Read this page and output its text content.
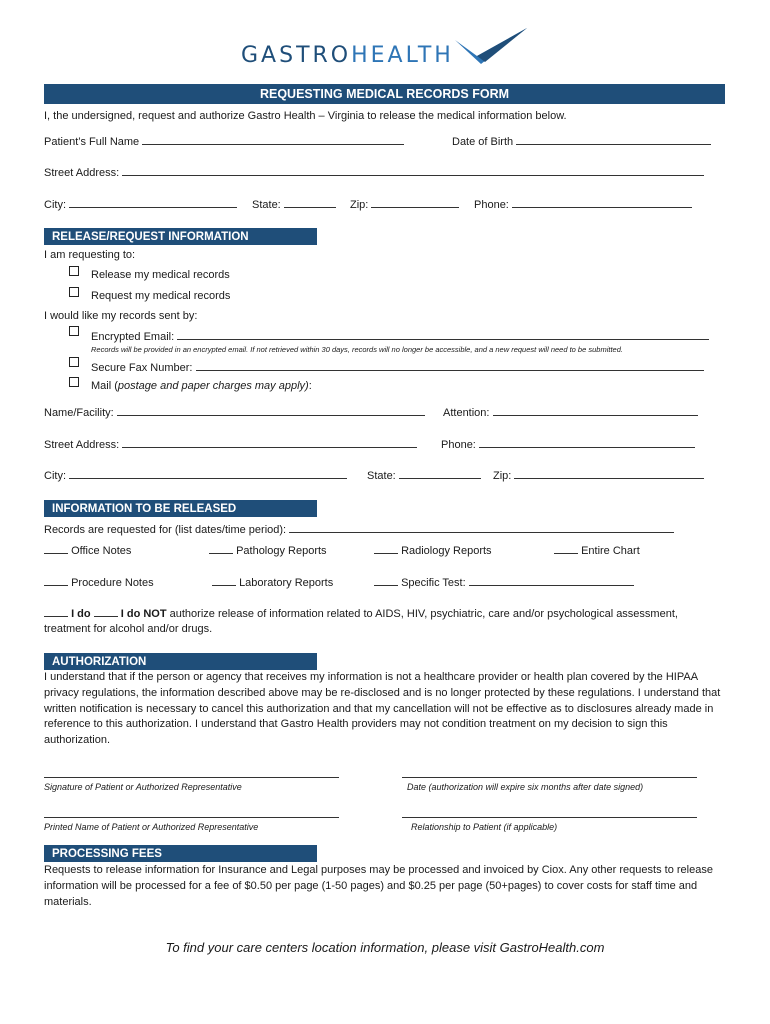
GASTROHEALTH
REQUESTING MEDICAL RECORDS FORM
I, the undersigned, request and authorize Gastro Health – Virginia to release the medical information below.
Patient’s Full Name	Date of Birth
Street Address:
City:	State:	Zip:	Phone:
RELEASE/REQUEST INFORMATION
I am requesting to:
Release my medical records
Request my medical records
I would like my records sent by:
Encrypted Email:
Records will be provided in an encrypted email. If not retrieved within 30 days, records will no longer be accessible, and a new request will need to be submitted.
Secure Fax Number:
Mail (postage and paper charges may apply):
Name/Facility:	Attention:
Street Address:	Phone:
City:	State:	Zip:
INFORMATION TO BE RELEASED
Records are requested for (list dates/time period):
Office Notes	Pathology Reports	Radiology Reports	Entire Chart
Procedure Notes	Laboratory Reports	Specific Test:
I do	I do NOT authorize release of information related to AIDS, HIV, psychiatric, care and/or psychological assessment,
treatment for alcohol and/or drugs.
AUTHORIZATION
I understand that if the person or agency that receives my information is not a healthcare provider or health plan covered by the HIPAA privacy regulations, the information described above may be re-disclosed and is no longer protected by these regulations. I understand that written notification is necessary to cancel this authorization and that my cancellation will not be effective as to disclosures already made in reference to this authorization. I understand that Gastro Health providers may not condition treatment on my decision to sign this authorization.
Signature of Patient or Authorized Representative	Date (authorization will expire six months after date signed)
Printed Name of Patient or Authorized Representative	Relationship to Patient (if applicable)
PROCESSING FEES
Requests to release information for Insurance and Legal purposes may be processed and invoiced by Ciox. Any other requests to release information will be processed for a fee of $0.50 per page (1-50 pages) and $0.25 per page (50+pages) to cover costs for staff time and materials.
To find your care centers location information, please visit GastroHealth.com
